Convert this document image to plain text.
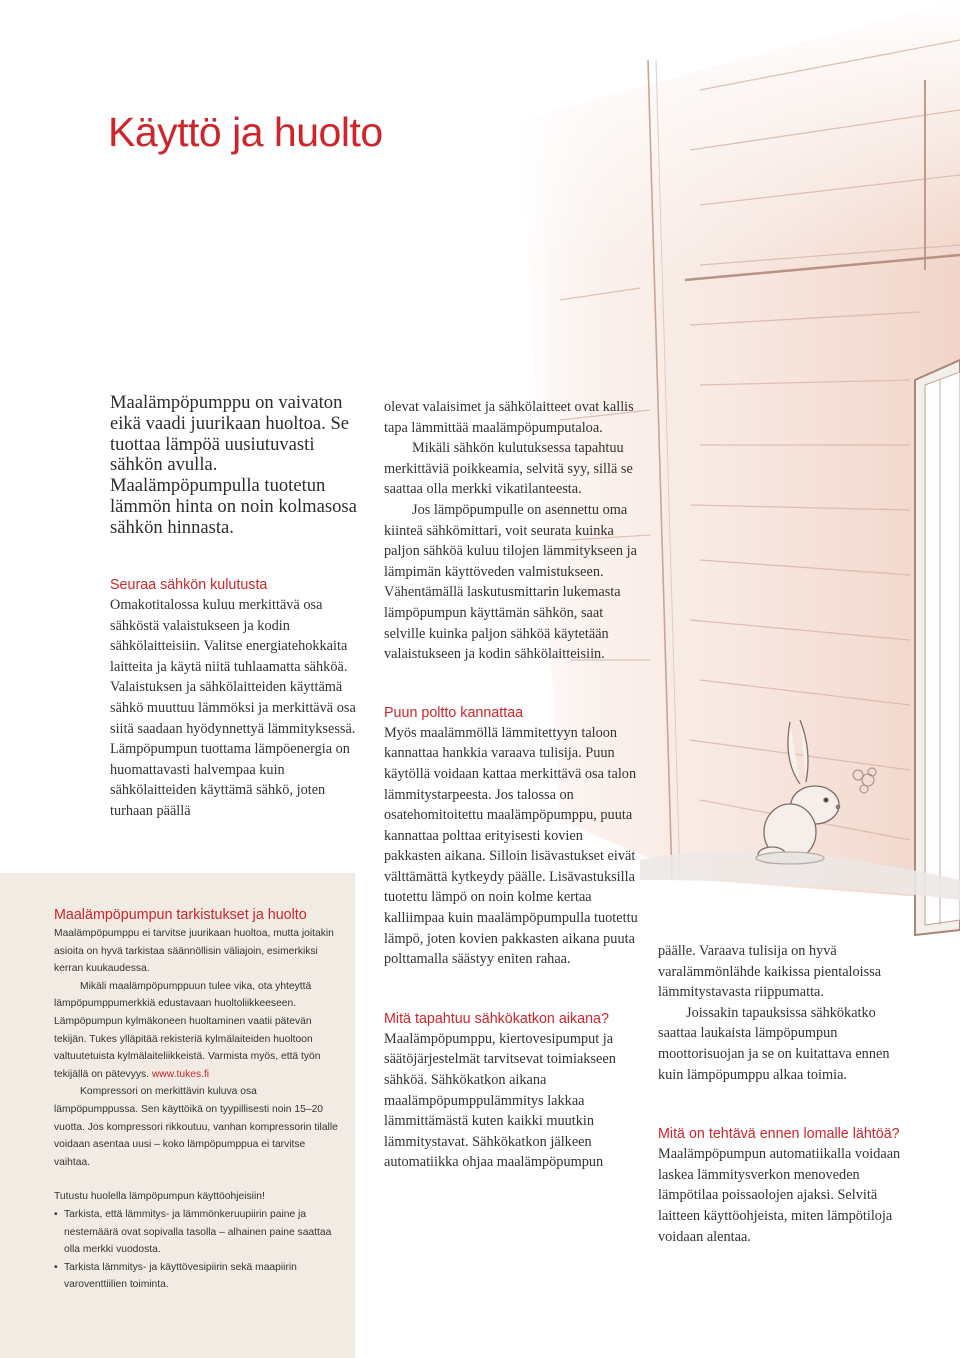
Käyttö ja huolto

Maalämpöpumppu on vaivaton eikä vaadi juurikaan huoltoa. Se tuottaa lämpöä uusiutuvasti sähkön avulla. Maalämpöpumpulla tuotetun lämmön hinta on noin kolmasosa sähkön hinnasta.

Seuraa sähkön kulutusta

Omakotitalossa kuluu merkittävä osa sähköstä valaistukseen ja kodin sähkölaitteisiin. Valitse energiatehokkaita laitteita ja käytä niitä tuhlaamatta sähköä. Valaistuksen ja sähkölaitteiden käyttämä sähkö muuttuu lämmöksi ja merkittävä osa siitä saadaan hyödynnettyä lämmityksessä. Lämpöpumpun tuottama lämpöenergia on huomattavasti halvempaa kuin sähkölaitteiden käyttämä sähkö, joten turhaan päällä

olevat valaisimet ja sähkölaitteet ovat kallis tapa lämmittää maalämpöpumputaloa.

Mikäli sähkön kulutuksessa tapahtuu merkittäviä poikkeamia, selvitä syy, sillä se saattaa olla merkki vikatilanteesta.

Jos lämpöpumpulle on asennettu oma kiinteä sähkömittari, voit seurata kuinka paljon sähköä kuluu tilojen lämmitykseen ja lämpimän käyttöveden valmistukseen. Vähentämällä laskutusmittarin lukemasta lämpöpumpun käyttämän sähkön, saat selville kuinka paljon sähköä käytetään valaistukseen ja kodin sähkölaitteisiin.

Puun poltto kannattaa

Myös maalämmöllä lämmitettyyn taloon kannattaa hankkia varaava tulisija. Puun käytöllä voidaan kattaa merkittävä osa talon lämmitystarpeesta. Jos talossa on osatehomitoitettu maalämpöpumppu, puuta kannattaa polttaa erityisesti kovien pakkasten aikana. Silloin lisävastukset eivät välttämättä kytkeydy päälle. Lisävastuksilla tuotettu lämpö on noin kolme kertaa kalliimpaa kuin maalämpöpumpulla tuotettu lämpö, joten kovien pakkasten aikana puuta polttamalla säästyy eniten rahaa.

Mitä tapahtuu sähkökatkon aikana?

Maalämpöpumppu, kiertovesipumput ja säätöjärjestelmät tarvitsevat toimiakseen sähköä. Sähkökatkon aikana maalämpöpumppulämmitys lakkaa lämmittämästä kuten kaikki muutkin lämmitystavat. Sähkökatkon jälkeen automatiikka ohjaa maalämpöpumpun

päälle. Varaava tulisija on hyvä varalämmönlähde kaikissa pientaloissa lämmitystavasta riippumatta.

Joissakin tapauksissa sähkökatko saattaa laukaista lämpöpumpun moottorisuojan ja se on kuitattava ennen kuin lämpöpumppu alkaa toimia.

Mitä on tehtävä ennen lomalle lähtöä?

Maalämpöpumpun automatiikalla voidaan laskea lämmitysverkon menoveden lämpötilaa poissaolojen ajaksi. Selvitä laitteen käyttöohjeista, miten lämpötiloja voidaan alentaa.

Maalämpöpumpun tarkistukset ja huolto

Maalämpöpumppu ei tarvitse juurikaan huoltoa, mutta joitakin asioita on hyvä tarkistaa säännöllisin väliajoin, esimerkiksi kerran kuukaudessa.

Mikäli maalämpöpumppuun tulee vika, ota yhteyttä lämpöpumppumerkkiä edustavaan huoltoliikkeeseen. Lämpöpumpun kylmäkoneen huoltaminen vaatii pätevän tekijän. Tukes ylläpitää rekisteriä kylmälaiteiden huoltoon valtuutetuista kylmälaiteliikkeistä. Varmista myös, että työn tekijällä on pätevyys. www.tukes.fi

Kompressori on merkittävin kuluva osa lämpöpumppussa. Sen käyttöikä on tyypillisesti noin 15–20 vuotta. Jos kompressori rikkoutuu, vanhan kompressorin tilalle voidaan asentaa uusi – koko lämpöpumppua ei tarvitse vaihtaa.

Tutustu huolella lämpöpumpun käyttöohjeisiin!

• Tarkista, että lämmitys- ja lämmönkeruupiirin paine ja nestemäärä ovat sopivalla tasolla – alhainen paine saattaa olla merkki vuodosta.
• Tarkista lämmitys- ja käyttövesipiirin sekä maapiirin varoventtiilien toiminta.
